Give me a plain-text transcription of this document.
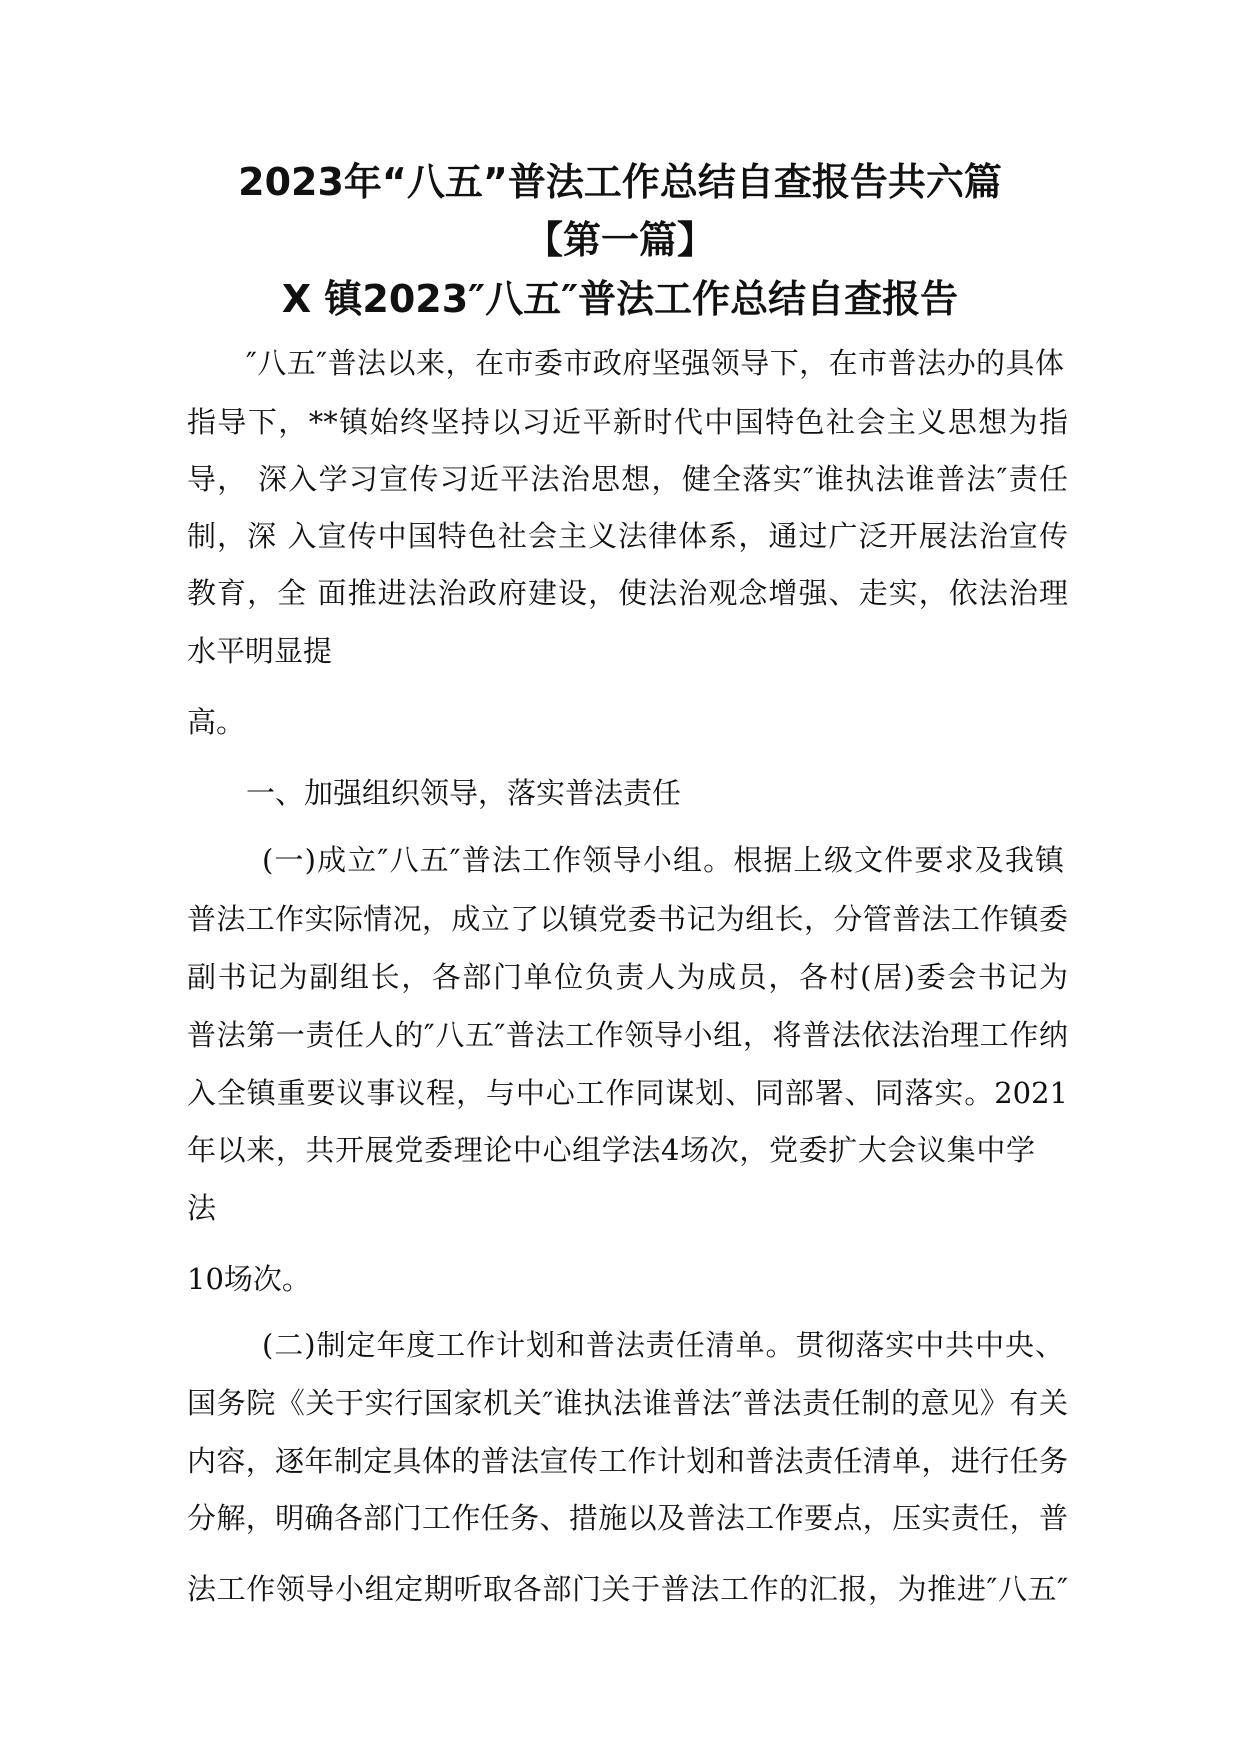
2023年“八五”普法工作总结自查报告共六篇
【第一篇】
X 镇2023″八五″普法工作总结自查报告

″八五″普法以来，在市委市政府坚强领导下，在市普法办的具体

指导下，**镇始终坚持以习近平新时代中国特色社会主义思想为指

导， 深入学习宣传习近平法治思想，健全落实″谁执法谁普法″责任

制，深 入宣传中国特色社会主义法律体系，通过广泛开展法治宣传

教育，全 面推进法治政府建设，使法治观念增强、走实，依法治理

水平明显提

高。

一、加强组织领导，落实普法责任

(一)成立″八五″普法工作领导小组。根据上级文件要求及我镇

普法工作实际情况，成立了以镇党委书记为组长，分管普法工作镇委

副书记为副组长，各部门单位负责人为成员，各村(居)委会书记为

普法第一责任人的″八五″普法工作领导小组，将普法依法治理工作纳

入全镇重要议事议程，与中心工作同谋划、同部署、同落实。2021

年以来，共开展党委理论中心组学法4场次，党委扩大会议集中学

法

10场次。

(二)制定年度工作计划和普法责任清单。贯彻落实中共中央、

国务院《关于实行国家机关″谁执法谁普法″普法责任制的意见》有关

内容，逐年制定具体的普法宣传工作计划和普法责任清单，进行任务

分解，明确各部门工作任务、措施以及普法工作要点，压实责任，普

法工作领导小组定期听取各部门关于普法工作的汇报，为推进″八五″
